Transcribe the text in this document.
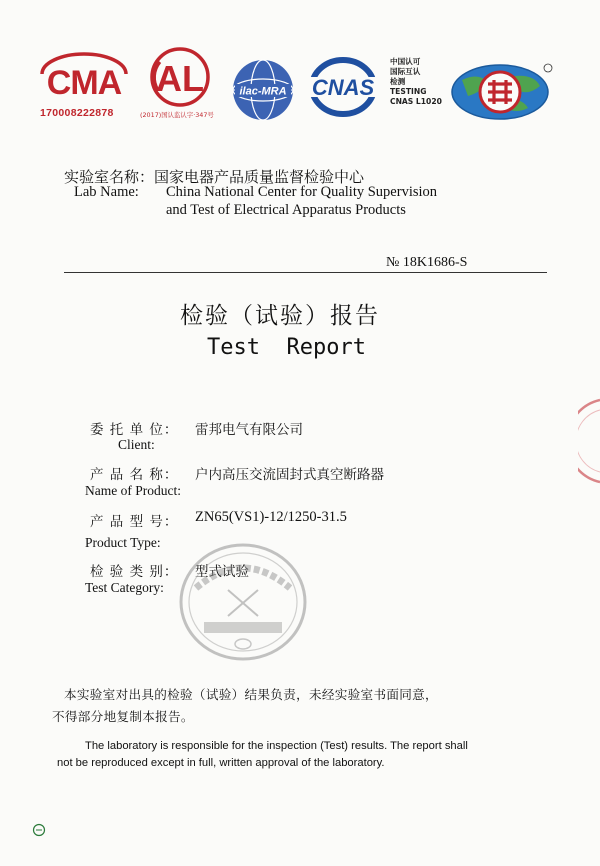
CMA
170008222878
AL
(2017)国认监认字·347号
ilac-MRA CNAS
中国认可
国际互认
检测
TESTING
CNAS L1020
实验室名称：国家电器产品质量监督检验中心
Lab Name: China National Center for Quality Supervision
and Test of Electrical Apparatus Products
№ 18K1686-S
检验（试验）报告
Test  Report
委 托 单 位： 雷邦电气有限公司
Client:
产 品 名 称： 户内高压交流固封式真空断路器
Name of Product:
产 品 型 号： ZN65(VS1)-12/1250-31.5
Product Type:
检 验 类 别： 型式试验
Test Category:
本实验室对出具的检验（试验）结果负责，未经实验室书面同意，
不得部分地复制本报告。
The laboratory is responsible for the inspection (Test) results. The report shall
not be reproduced except in full, written approval of the laboratory.
